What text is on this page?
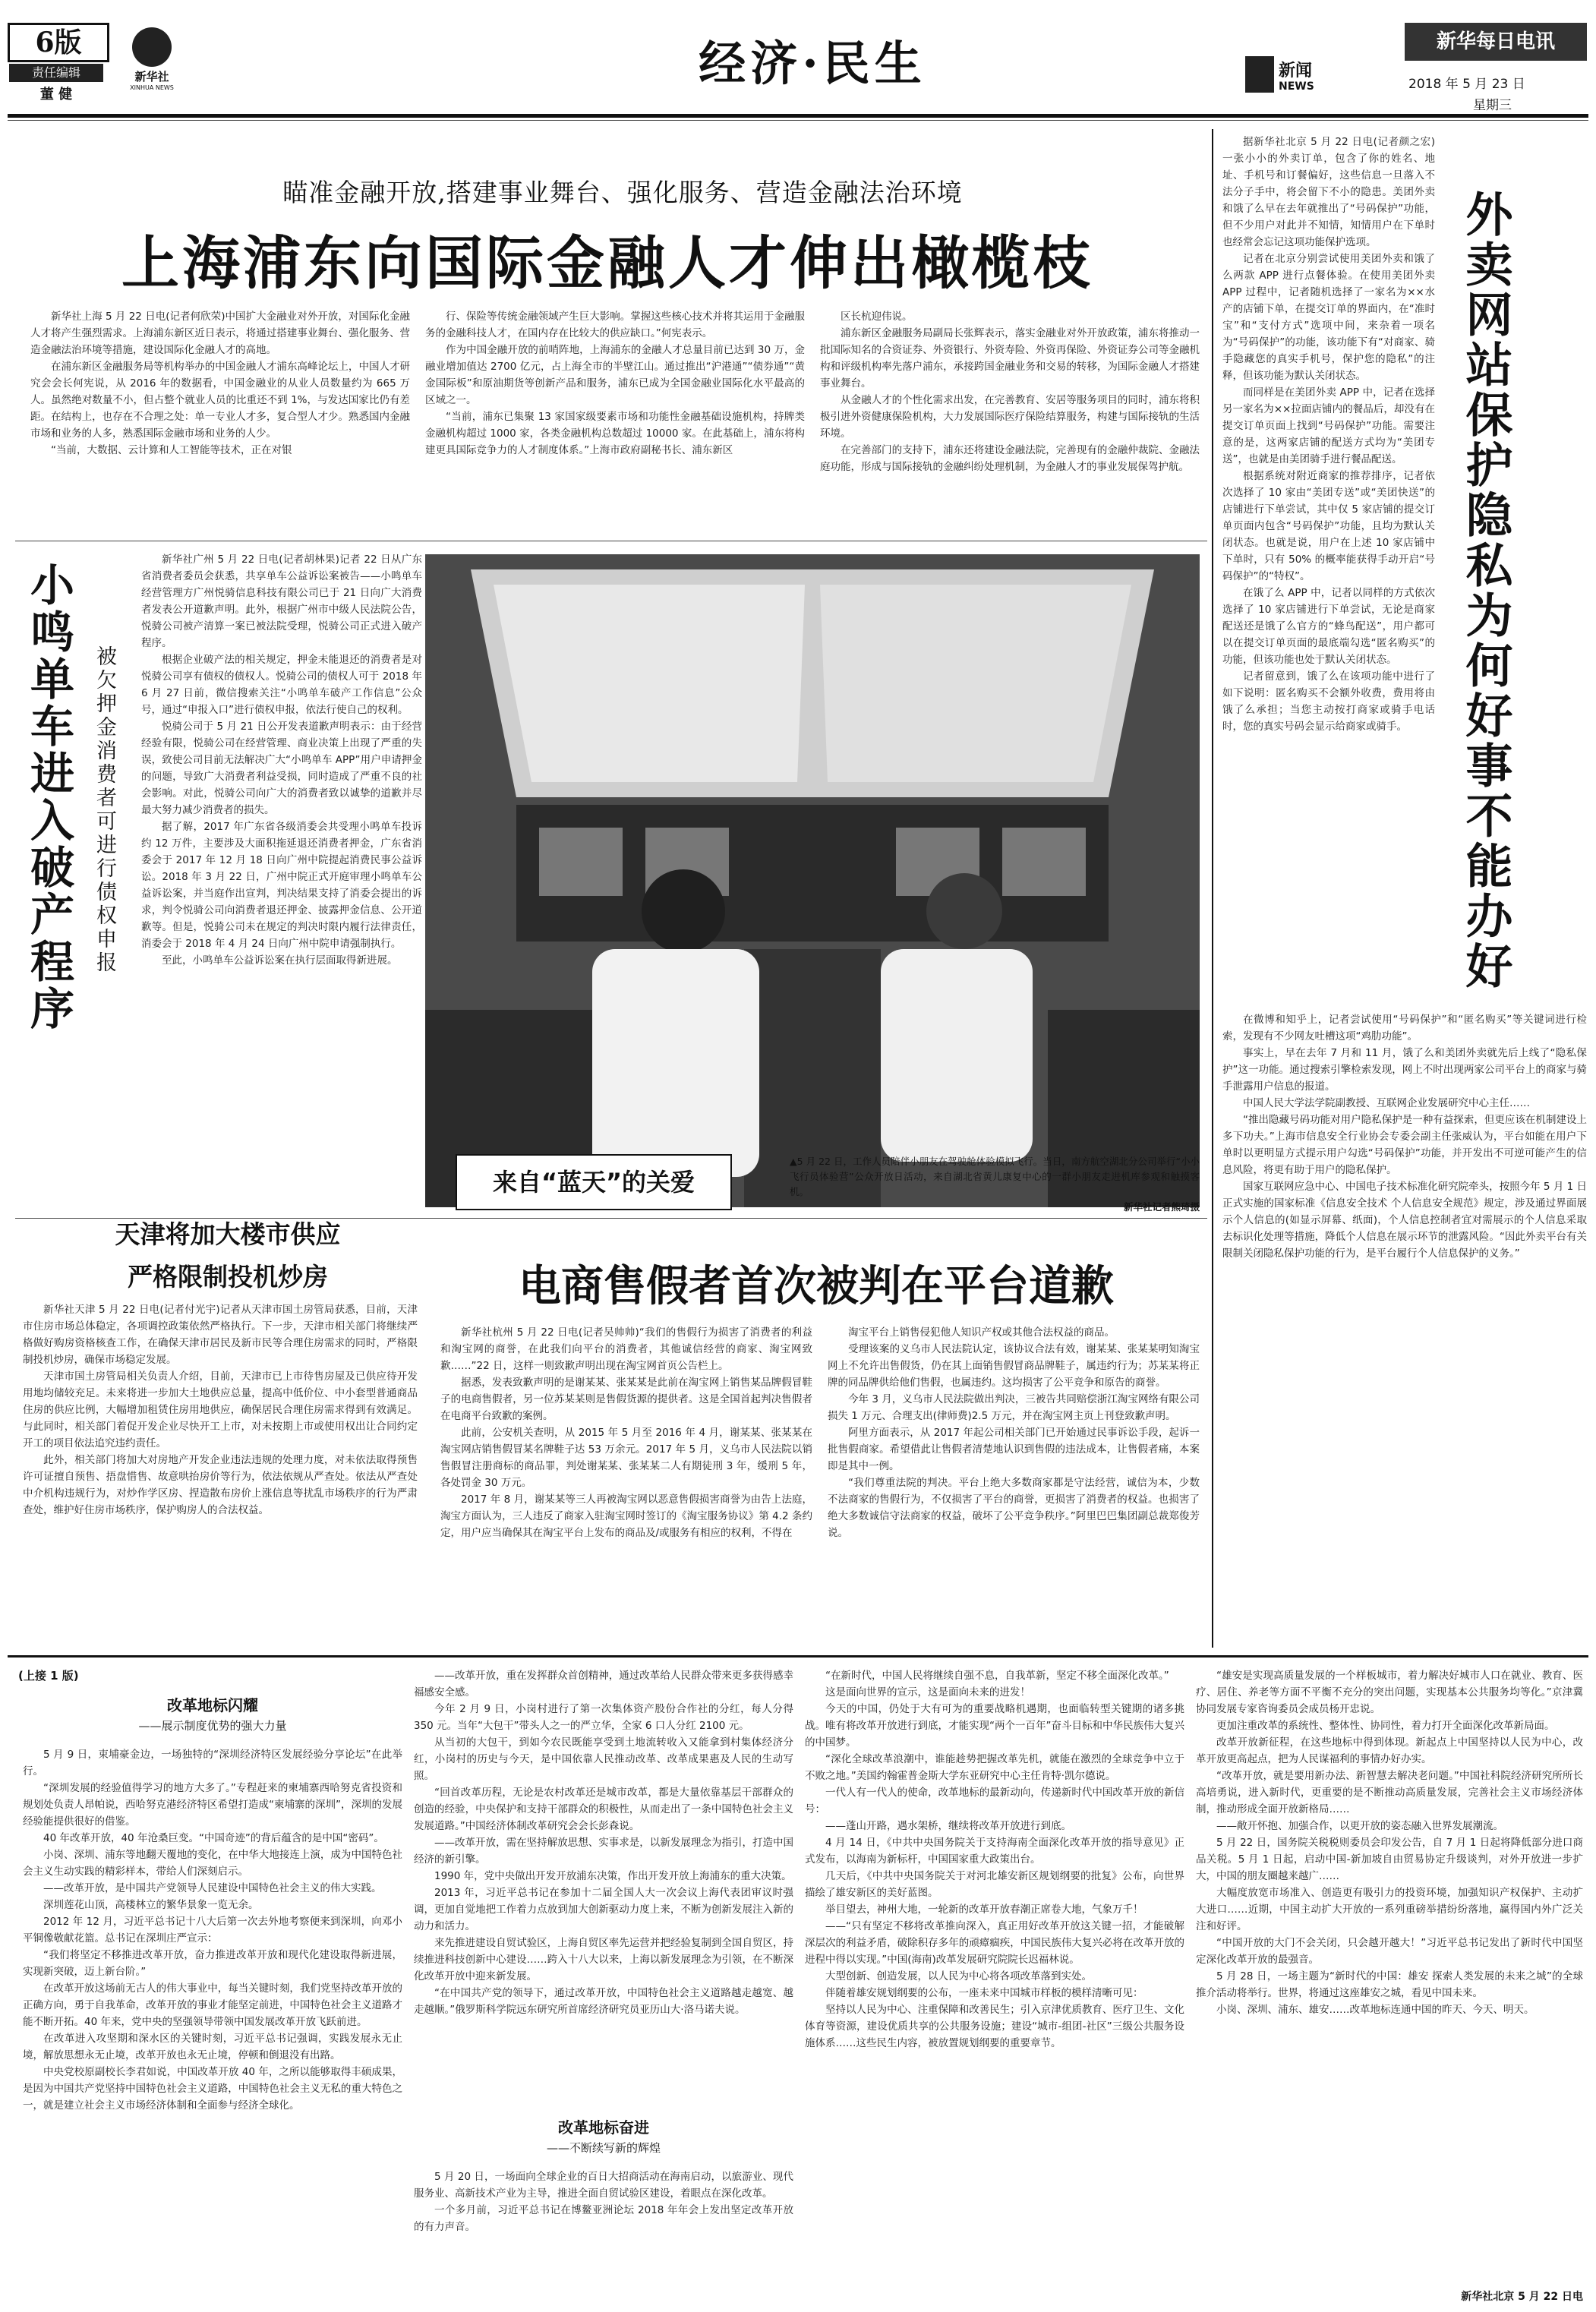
6版
责任编辑
董 健
新华社
XINHUA NEWS	经济·民生	新闻
NEWS
新华每日电讯
2018 年 5 月 23 日
星期三
瞄准金融开放,搭建事业舞台、强化服务、营造金融法治环境
上海浦东向国际金融人才伸出橄榄枝

新华社上海 5 月 22 日电(记者何欣荣)中国扩大金融业对外开放，对国际化金融人才将产生强烈需求。上海浦东新区近日表示，将通过搭建事业舞台、强化服务、营造金融法治环境等措施，建设国际化金融人才的高地。

在浦东新区金融服务局等机构举办的中国金融人才浦东高峰论坛上，中国人才研究会会长何宪说，从 2016 年的数据看，中国金融业的从业人员数量约为 665 万人。虽然绝对数量不小，但占整个就业人员的比重还不到 1%，与发达国家比仍有差距。在结构上，也存在不合理之处：单一专业人才多，复合型人才少。熟悉国内金融市场和业务的人多，熟悉国际金融市场和业务的人少。

“当前，大数据、云计算和人工智能等技术，正在对银

行、保险等传统金融领域产生巨大影响。掌握这些核心技术并将其运用于金融服务的金融科技人才，在国内存在比较大的供应缺口。”何宪表示。

作为中国金融开放的前哨阵地，上海浦东的金融人才总量目前已达到 30 万，金融业增加值达 2700 亿元，占上海全市的半壁江山。通过推出“沪港通”“债券通”“黄金国际板”和原油期货等创新产品和服务，浦东已成为全国金融业国际化水平最高的区域之一。

“当前，浦东已集聚 13 家国家级要素市场和功能性金融基础设施机构，持牌类金融机构超过 1000 家，各类金融机构总数超过 10000 家。在此基础上，浦东将构建更具国际竞争力的人才制度体系。”上海市政府副秘书长、浦东新区

区长杭迎伟说。

浦东新区金融服务局副局长张辉表示，落实金融业对外开放政策，浦东将推动一批国际知名的合资证券、外资银行、外资寿险、外资再保险、外资证券公司等金融机构和评级机构率先落户浦东，承接跨国金融业务和交易的转移，为国际金融人才搭建事业舞台。

从金融人才的个性化需求出发，在完善教育、安居等服务项目的同时，浦东将积极引进外资健康保险机构，大力发展国际医疗保险结算服务，构建与国际接轨的生活环境。

在完善部门的支持下，浦东还将建设金融法院，完善现有的金融仲裁院、金融法庭功能，形成与国际接轨的金融纠纷处理机制，为金融人才的事业发展保驾护航。

小鸣单车进入破产程序 被欠押金消费者可进行债权申报

新华社广州 5 月 22 日电(记者胡林果)记者 22 日从广东省消费者委员会获悉，共享单车公益诉讼案被告——小鸣单车经营管理方广州悦骑信息科技有限公司已于 21 日向广大消费者发表公开道歉声明。此外，根据广州市中级人民法院公告，悦骑公司被产清算一案已被法院受理，悦骑公司正式进入破产程序。

根据企业破产法的相关规定，押金未能退还的消费者是对悦骑公司享有债权的债权人。悦骑公司的债权人可于 2018 年 6 月 27 日前，微信搜索关注“小鸣单车破产工作信息”公众号，通过“申报入口”进行债权申报，依法行使自己的权利。

悦骑公司于 5 月 21 日公开发表道歉声明表示：由于经营经验有限，悦骑公司在经营管理、商业决策上出现了严重的失误，致使公司目前无法解决广大“小鸣单车 APP”用户申请押金的问题，导致广大消费者利益受损，同时造成了严重不良的社会影响。对此，悦骑公司向广大的消费者致以诚挚的道歉并尽最大努力减少消费者的损失。

据了解，2017 年广东省各级消委会共受理小鸣单车投诉约 12 万件，主要涉及大面积拖延退还消费者押金，广东省消委会于 2017 年 12 月 18 日向广州中院提起消费民事公益诉讼。2018 年 3 月 22 日，广州中院正式开庭审理小鸣单车公益诉讼案，并当庭作出宣判，判决结果支持了消委会提出的诉求，判令悦骑公司向消费者退还押金、披露押金信息、公开道歉等。但是，悦骑公司未在规定的判决时限内履行法律责任，消委会于 2018 年 4 月 24 日向广州中院申请强制执行。

至此，小鸣单车公益诉讼案在执行层面取得新进展。

来自“蓝天”的关爱
▲5 月 22 日，工作人员陪伴小朋友在驾驶舱体验模拟飞行。当日，南方航空湖北分公司举行“小小飞行员体验营”公众开放日活动，来自湖北省黄儿康复中心的一群小朋友走进机库参观和触摸客机。
新华社记者熊琦摄

据新华社北京 5 月 22 日电(记者颜之宏)一张小小的外卖订单，包含了你的姓名、地址、手机号和订餐偏好，这些信息一旦落入不法分子手中，将会留下不小的隐患。美团外卖和饿了么早在去年就推出了“号码保护”功能，但不少用户对此并不知情，知情用户在下单时也经常会忘记这项功能保护选项。

记者在北京分别尝试使用美团外卖和饿了么两款 APP 进行点餐体验。在使用美团外卖 APP 过程中，记者随机选择了一家名为××水产的店铺下单，在提交订单的界面内，在“准时宝”和“支付方式”选项中间，来杂着一项名为“号码保护”的功能，该功能下有“对商家、骑手隐藏您的真实手机号，保护您的隐私”的注释，但该功能为默认关闭状态。

而同样是在美团外卖 APP 中，记者在选择另一家名为××拉面店铺内的餐品后，却没有在提交订单页面上找到“号码保护”功能。需要注意的是，这两家店铺的配送方式均为“美团专送”，也就是由美团骑手进行餐品配送。

根据系统对附近商家的推荐排序，记者依次选择了 10 家由“美团专送”或“美团快送”的店铺进行下单尝试，其中仅 5 家店铺的提交订单页面内包含“号码保护”功能，且均为默认关闭状态。也就是说，用户在上述 10 家店铺中下单时，只有 50% 的概率能获得手动开启“号码保护”的“特权”。

在饿了么 APP 中，记者以同样的方式依次选择了 10 家店铺进行下单尝试，无论是商家配送还是饿了么官方的“蜂鸟配送”，用户都可以在提交订单页面的最底端勾选“匿名购买”的功能，但该功能也处于默认关闭状态。

记者留意到，饿了么在该项功能中进行了如下说明：匿名购买不会额外收费，费用将由饿了么承担；当您主动按打商家或骑手电话时，您的真实号码会显示给商家或骑手。	外卖网站保护隐私为何好事不能办好

在微博和知乎上，记者尝试使用“号码保护”和“匿名购买”等关键词进行检索，发现有不少网友吐槽这项“鸡肋功能”。

事实上，早在去年 7 月和 11 月，饿了么和美团外卖就先后上线了“隐私保护”这一功能。通过搜索引擎检索发现，网上不时出现两家公司平台上的商家与骑手泄露用户信息的报道。

中国人民大学法学院副教授、互联网企业发展研究中心主任……

“推出隐藏号码功能对用户隐私保护是一种有益探索，但更应该在机制建设上多下功夫。”上海市信息安全行业协会专委会副主任张威认为，平台如能在用户下单时以更明显方式提示用户勾选“号码保护”功能，并开发出不可逆可能产生的信息风险，将更有助于用户的隐私保护。

国家互联网应急中心、中国电子技术标准化研究院牵头，按照今年 5 月 1 日正式实施的国家标准《信息安全技术 个人信息安全规范》规定，涉及通过界面展示个人信息的(如显示屏幕、纸面)，个人信息控制者宜对需展示的个人信息采取去标识化处理等措施，降低个人信息在展示环节的泄露风险。“因此外卖平台有关限制关闭隐私保护功能的行为，是平台履行个人信息保护的义务。”

天津将加大楼市供应
严格限制投机炒房

新华社天津 5 月 22 日电(记者付光宇)记者从天津市国土房管局获悉，目前，天津市住房市场总体稳定，各项调控政策依然严格执行。下一步，天津市相关部门将继续严格做好购房资格核查工作，在确保天津市居民及新市民等合理住房需求的同时，严格限制投机炒房，确保市场稳定发展。

天津市国土房管局相关负责人介绍，目前，天津市已上市待售房屋及已供应待开发用地均储较充足。未来将进一步加大土地供应总量，提高中低价位、中小套型普通商品住房的供应比例，大幅增加租赁住房用地供应，确保居民合理住房需求得到有效满足。与此同时，相关部门着促开发企业尽快开工上市，对未按期上市或使用权出让合同约定开工的项目依法追究违约责任。

此外，相关部门将加大对房地产开发企业违法违规的处理力度，对未依法取得预售许可证擅自预售、捂盘惜售、故意哄抬房价等行为，依法依规从严查处。依法从严查处中介机构违规行为，对炒作学区房、捏造散布房价上涨信息等扰乱市场秩序的行为严肃查处，维护好住房市场秩序，保护购房人的合法权益。

电商售假者首次被判在平台道歉

新华社杭州 5 月 22 日电(记者吴帅帅)“我们的售假行为损害了消费者的利益和淘宝网的商誉，在此我们向平台的消费者，其他诚信经营的商家、淘宝网致歉……”22 日，这样一则致歉声明出现在淘宝网首页公告栏上。

据悉，发表致歉声明的是谢某某、张某某是此前在淘宝网上销售某品牌假冒鞋子的电商售假者，另一位苏某某则是售假货源的提供者。这是全国首起判决售假者在电商平台致歉的案例。

此前，公安机关查明，从 2015 年 5 月至 2016 年 4 月，谢某某、张某某在淘宝网店销售假冒某名牌鞋子达 53 万余元。2017 年 5 月，义乌市人民法院以销售假冒注册商标的商品罪，判处谢某某、张某某二人有期徒刑 3 年，缓刑 5 年，各处罚金 30 万元。

2017 年 8 月，谢某某等三人再被淘宝网以恶意售假损害商誉为由告上法庭，淘宝方面认为，三人违反了商家入驻淘宝网时签订的《淘宝服务协议》第 4.2 条约定，用户应当确保其在淘宝平台上发布的商品及/或服务有相应的权利，不得在

淘宝平台上销售侵犯他人知识产权或其他合法权益的商品。

受理该案的义乌市人民法院认定，该协议合法有效，谢某某、张某某明知淘宝网上不允许出售假货，仍在其上面销售假冒商品牌鞋子，属违约行为；苏某某将正牌的同品牌供给他们售假，也属违约。这均损害了公平竞争和原告的商誉。

今年 3 月，义乌市人民法院做出判决，三被告共同赔偿浙江淘宝网络有限公司损失 1 万元、合理支出(律师费)2.5 万元，并在淘宝网主页上刊登致歉声明。

阿里方面表示，从 2017 年起公司相关部门已开始通过民事诉讼手段，起诉一批售假商家。希望借此让售假者清楚地认识到售假的违法成本，让售假者痛，本案即是其中一例。

“我们尊重法院的判决。平台上绝大多数商家都是守法经营，诚信为本，少数不法商家的售假行为，不仅损害了平台的商誉，更损害了消费者的权益。也损害了绝大多数诚信守法商家的权益，破坏了公平竞争秩序。”阿里巴巴集团副总裁郑俊芳说。

(上接 1 版)
改革地标闪耀
——展示制度优势的强大力量

5 月 9 日，束埔豪金边，一场独特的“深圳经济特区发展经验分享论坛”在此举行。

“深圳发展的经验值得学习的地方大多了。”专程赶来的柬埔寨西哈努克省投资和规划处负责人昂帕说，西哈努克港经济特区希望打造成“柬埔寨的深圳”，深圳的发展经验能提供很好的借鉴。

40 年改革开放，40 年沧桑巨变。“中国奇迹”的背后蕴含的是中国“密码”。

小岗、深圳、浦东等地翻天覆地的变化，在中华大地接连上演，成为中国特色社会主义生动实践的精彩样本，带给人们深刻启示。

——改革开放，是中国共产党领导人民建设中国特色社会主义的伟大实践。

深圳莲花山顶，高楼林立的繁华景象一览无余。

2012 年 12 月，习近平总书记十八大后第一次去外地考察便来到深圳，向邓小平铜像敬献花篮。总书记在深圳庄严宣示：

“我们将坚定不移推进改革开放，奋力推进改革开放和现代化建设取得新进展，实现新突破，迈上新台阶。”

在改革开放这场前无古人的伟大事业中，每当关键时刻，我们党坚持改革开放的正确方向，勇于自我革命，改革开放的事业才能坚定前进，中国特色社会主义道路才能不断开拓。40 年来，党中央的坚强领导带领中国发展改革开放飞跃前进。

在改革进入攻坚期和深水区的关键时刻，习近平总书记强调，实践发展永无止境，解放思想永无止境，改革开放也永无止境，停顿和倒退没有出路。

中央党校原副校长李君如说，中国改革开放 40 年，之所以能够取得丰硕成果，是因为中国共产党坚持中国特色社会主义道路，中国特色社会主义无私的重大特色之一，就是建立社会主义市场经济体制和全面参与经济全球化。

——改革开放，重在发挥群众首创精神，通过改革给人民群众带来更多获得感幸福感安全感。

今年 2 月 9 日，小岗村进行了第一次集体资产股份合作社的分红，每人分得 350 元。当年“大包干”带头人之一的严立华，全家 6 口人分红 2100 元。

从当初的大包干，到如今农民既能享受到土地流转收入又能拿到村集体经济分红，小岗村的历史与今天，是中国依靠人民推动改革、改革成果惠及人民的生动写照。

“回首改革历程，无论是农村改革还是城市改革，都是大量依靠基层干部群众的创造的经验，中央保护和支持干部群众的积极性，从而走出了一条中国特色社会主义发展道路。”中国经济体制改革研究会会长彭森说。

——改革开放，需在坚持解放思想、实事求是，以新发展理念为指引，打造中国经济的新引擎。

1990 年，党中央做出开发开放浦东决策，作出开发开放上海浦东的重大决策。

2013 年，习近平总书记在参加十二届全国人大一次会议上海代表团审议时强调，更加自觉地把工作着力点放到加大创新驱动力度上来，不断为创新发展注入新的动力和活力。

来先推进建设自贸试验区，上海自贸区率先运营并把经验复制到全国自贸区，持续推进科技创新中心建设……跨入十八大以来，上海以新发展理念为引领，在不断深化改革开放中迎来新发展。

“在中国共产党的领导下，通过改革开放，中国特色社会主义道路越走越宽、越走越顺。”俄罗斯科学院远东研究所首席经济研究员亚历山大·洛马诺夫说。

改革地标奋进
——不断续写新的辉煌

5 月 20 日，一场面向全球企业的百日大招商活动在海南启动，以旅游业、现代服务业、高新技术产业为主导，推进全面自贸试验区建设，着眼点在深化改革。

一个多月前，习近平总书记在博鳌亚洲论坛 2018 年年会上发出坚定改革开放的有力声音。

“在新时代，中国人民将继续自强不息，自我革新，坚定不移全面深化改革。”

这是面向世界的宣示，这是面向未来的进发！

今天的中国，仍处于大有可为的重要战略机遇期，也面临转型关键期的诸多挑战。唯有将改革开放进行到底，才能实现“两个一百年”奋斗目标和中华民族伟大复兴的中国梦。

“深化全球改革浪潮中，谁能趁势把握改革先机，就能在激烈的全球竞争中立于不败之地。”美国约翰霍普金斯大学东亚研究中心主任肯特·凯尔德说。

一代人有一代人的使命，改革地标的最新动向，传递新时代中国改革开放的新信号：

——蓬山开路，遇水架桥，继续将改革开放进行到底。

4 月 14 日，《中共中央国务院关于支持海南全面深化改革开放的指导意见》正式发布，以海南为新标杆，中国国家重大政策出台。

几天后，《中共中央国务院关于对河北雄安新区规划纲要的批复》公布，向世界描绘了雄安新区的美好蓝图。

举目望去，神州大地，一轮新的改革开放春潮正席卷大地，气象万千！

——“只有坚定不移将改革推向深入，真正用好改革开放这关键一招，才能破解深层次的利益矛盾，破除积存多年的顽瘴痼疾，中国民族伟大复兴必将在改革开放的进程中得以实现。”中国(海南)改革发展研究院院长迟福林说。

大型创新、创造发展，以人民为中心将各项改革落到实处。

伴随着雄安规划纲要的公布，一座未来中国城市样板的模样清晰可见：

坚持以人民为中心、注重保障和改善民生；引入京津优质教育、医疗卫生、文化体育等资源，建设优质共享的公共服务设施；建设“城市-组团-社区”三级公共服务设施体系……这些民生内容，被放置规划纲要的重要章节。

“雄安是实现高质量发展的一个样板城市，着力解决好城市人口在就业、教育、医疗、居住、养老等方面不平衡不充分的突出问题，实现基本公共服务均等化。”京津冀协同发展专家咨询委员会成员杨开忠说。

更加注重改革的系统性、整体性、协同性，着力打开全面深化改革新局面。

改革开放新征程，在这些地标中得到体现。新起点上中国坚持以人民为中心，改革开放更高起点，把为人民谋福利的事情办好办实。

“改革开放，就是要用新办法、新智慧去解决老问题。”中国社科院经济研究所所长高培勇说，进入新时代，更重要的是不断推动高质量发展，完善社会主义市场经济体制，推动形成全面开放新格局……

——敞开怀抱、加强合作，以更开放的姿态融入世界发展潮流。

5 月 22 日，国务院关税税则委员会印发公告，自 7 月 1 日起将降低部分进口商品关税。5 月 1 日起，启动中国-新加坡自由贸易协定升级谈判，对外开放进一步扩大，中国的朋友圈越来越广……

大幅度放宽市场准入、创造更有吸引力的投资环境，加强知识产权保护、主动扩大进口……近期，中国主动扩大开放的一系列重磅举措纷纷落地，赢得国内外广泛关注和好评。

“中国开放的大门不会关闭，只会越开越大！”习近平总书记发出了新时代中国坚定深化改革开放的最强音。

5 月 28 日，一场主题为“新时代的中国：雄安 探索人类发展的未来之城”的全球推介活动将举行。世界，将通过这座雄安之城，看见中国未来。

小岗、深圳、浦东、雄安……改革地标连通中国的昨天、今天、明天。

新华社北京 5 月 22 日电
